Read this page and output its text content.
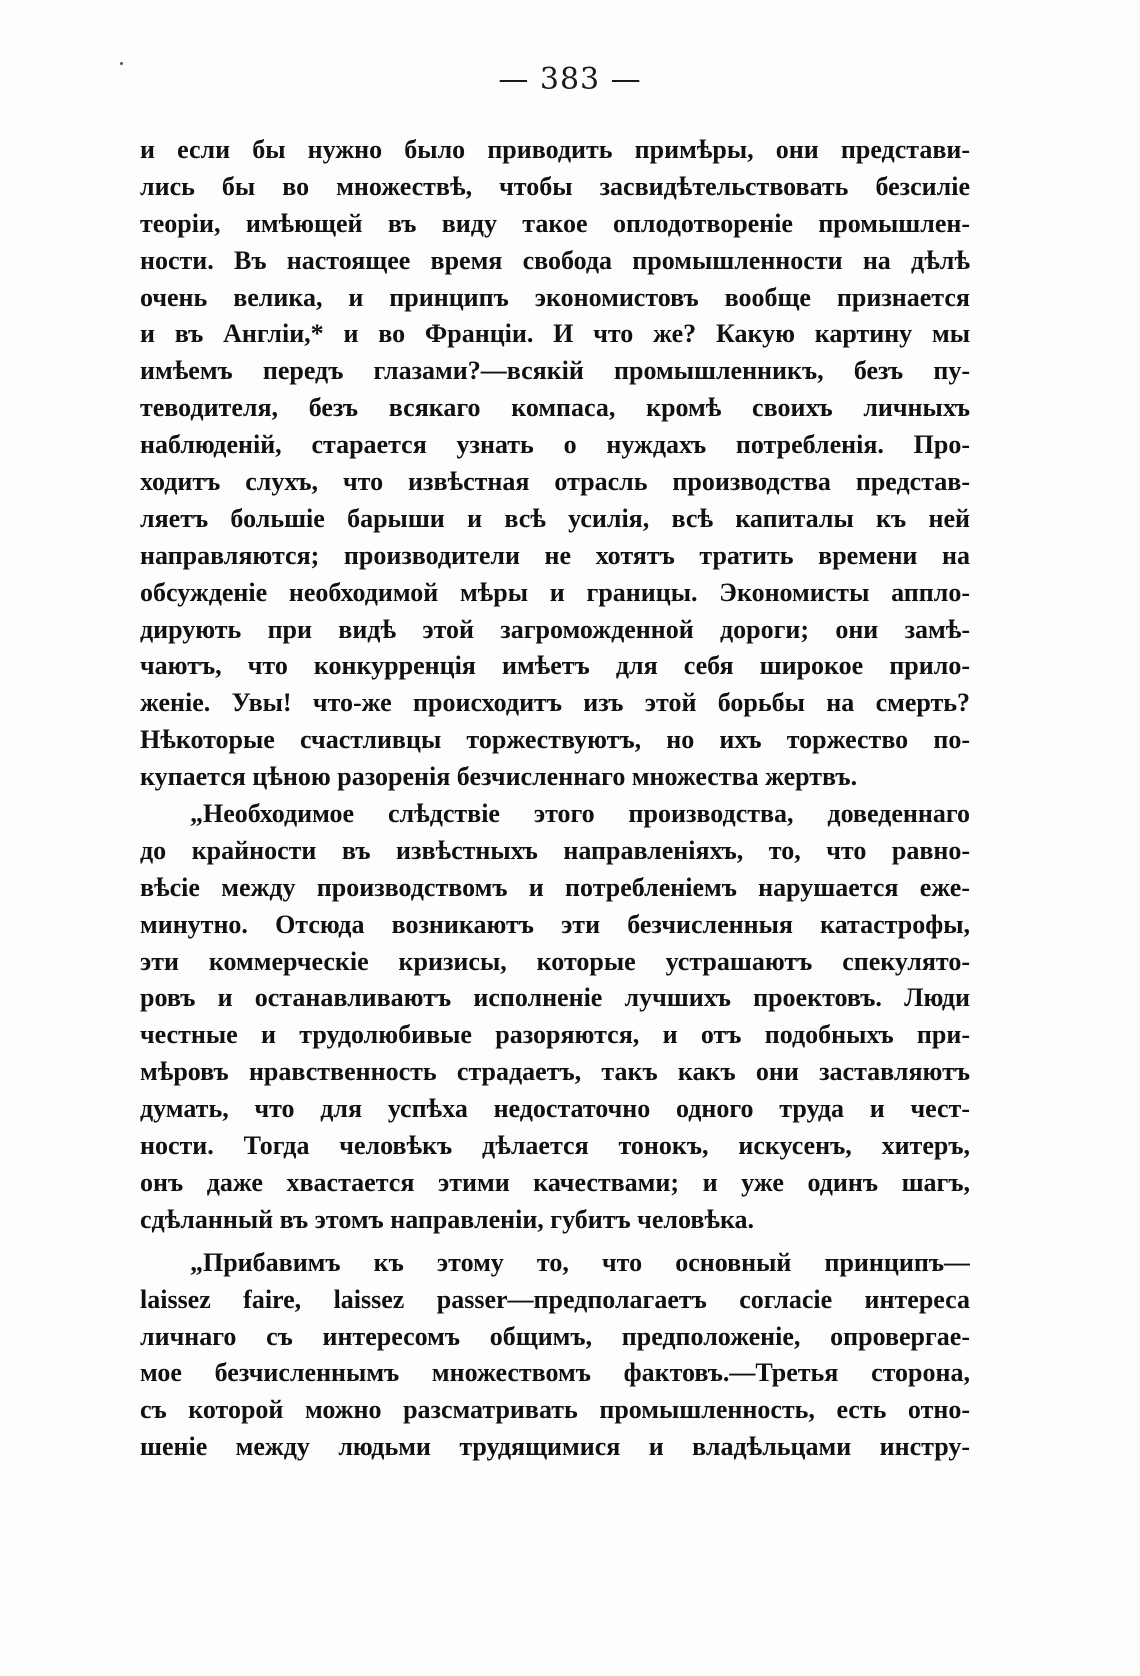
— 383 —
и если бы нужно было приводить примѣры, они представи-
лись бы во множествѣ, чтобы засвидѣтельствовать безсиліе
теоріи, имѣющей въ виду такое оплодотвореніе промышлен-
ности. Въ настоящее время свобода промышленности на дѣлѣ
очень велика, и принципъ экономистовъ вообще признается
и въ Англіи,* и во Франціи. И что же? Какую картину мы
имѣемъ передъ глазами?—всякій промышленникъ, безъ пу-
теводителя, безъ всякаго компаса, кромѣ своихъ личныхъ
наблюденій, старается узнать о нуждахъ потребленія. Про-
ходитъ слухъ, что извѣстная отрасль производства представ-
ляетъ большіе барыши и всѣ усилія, всѣ капиталы къ ней
направляются; производители не хотятъ тратить времени на
обсужденіе необходимой мѣры и границы. Экономисты апплo-
дирують при видѣ этой загроможденной дороги; они замѣ-
чаютъ, что конкурренція имѣетъ для себя широкое прило-
женіе. Увы! что-же происходитъ изъ этой борьбы на смерть?
Нѣкоторые счастливцы торжествуютъ, но ихъ торжество по-
купается цѣною разоренія безчисленнаго множества жертвъ.
„Необходимое слѣдствіе этого производства, доведеннаго
до крайности въ извѣстныхъ направленіяхъ, то, что равно-
вѣсіе между производствомъ и потребленіемъ нарушается еже-
минутно. Отсюда возникаютъ эти безчисленныя катастрофы,
эти коммерческіе кризисы, которые устрашаютъ спекулято-
ровъ и останавливаютъ исполненіе лучшихъ проектовъ. Люди
честные и трудолюбивые разоряются, и отъ подобныхъ при-
мѣровъ нравственность страдаетъ, такъ какъ они заставляютъ
думать, что для успѣха недостаточно одного труда и чест-
ности. Тогда человѣкъ дѣлается тонокъ, искусенъ, хитеръ,
онъ даже хвастается этими качествами; и уже одинъ шагъ,
сдѣланный въ этомъ направленіи, губитъ человѣка.
„Прибавимъ къ этому то, что основный принципъ—
laissez faire, laissez passer—предполагаетъ согласіе интереса
личнаго съ интересомъ общимъ, предположеніе, опровергае-
мое безчисленнымъ множествомъ фактовъ.—Третья сторона,
съ которой можно разсматривать промышленность, есть отно-
шеніе между людьми трудящимися и владѣльцами инстру-
